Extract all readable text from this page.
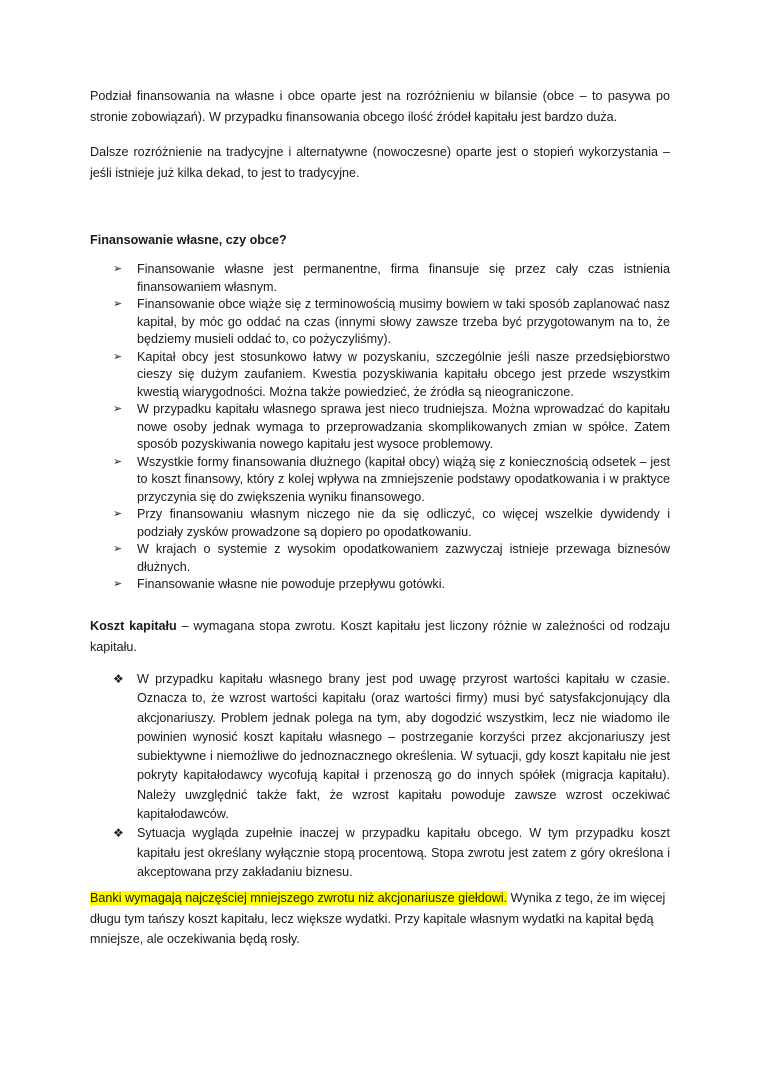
Podział finansowania na własne i obce oparte jest na rozróżnieniu w bilansie (obce – to pasywa po stronie zobowiązań). W przypadku finansowania obcego ilość źródeł kapitału jest bardzo duża.

Dalsze rozróżnienie na tradycyjne i alternatywne (nowoczesne) oparte jest o stopień wykorzystania – jeśli istnieje już kilka dekad, to jest to tradycyjne.

Finansowanie własne, czy obce?

➢ Finansowanie własne jest permanentne, firma finansuje się przez cały czas istnienia finansowaniem własnym.
➢ Finansowanie obce wiąże się z terminowością musimy bowiem w taki sposób zaplanować nasz kapitał, by móc go oddać na czas (innymi słowy zawsze trzeba być przygotowanym na to, że będziemy musieli oddać to, co pożyczyliśmy).
➢ Kapitał obcy jest stosunkowo łatwy w pozyskaniu, szczególnie jeśli nasze przedsiębiorstwo cieszy się dużym zaufaniem. Kwestia pozyskiwania kapitału obcego jest przede wszystkim kwestią wiarygodności. Można także powiedzieć, że źródła są nieograniczone.
➢ W przypadku kapitału własnego sprawa jest nieco trudniejsza. Można wprowadzać do kapitału nowe osoby jednak wymaga to przeprowadzania skomplikowanych zmian w spółce. Zatem sposób pozyskiwania nowego kapitału jest wysoce problemowy.
➢ Wszystkie formy finansowania dłużnego (kapitał obcy) wiążą się z koniecznością odsetek – jest to koszt finansowy, który z kolej wpływa na zmniejszenie podstawy opodatkowania i w praktyce przyczynia się do zwiększenia wyniku finansowego.
➢ Przy finansowaniu własnym niczego nie da się odliczyć, co więcej wszelkie dywidendy i podziały zysków prowadzone są dopiero po opodatkowaniu.
➢ W krajach o systemie z wysokim opodatkowaniem zazwyczaj istnieje przewaga biznesów dłużnych.
➢ Finansowanie własne nie powoduje przepływu gotówki.

Koszt kapitału – wymagana stopa zwrotu. Koszt kapitału jest liczony różnie w zależności od rodzaju kapitału.

❖ W przypadku kapitału własnego brany jest pod uwagę przyrost wartości kapitału w czasie. Oznacza to, że wzrost wartości kapitału (oraz wartości firmy) musi być satysfakcjonujący dla akcjonariuszy. Problem jednak polega na tym, aby dogodzić wszystkim, lecz nie wiadomo ile powinien wynosić koszt kapitału własnego – postrzeganie korzyści przez akcjonariuszy jest subiektywne i niemożliwe do jednoznacznego określenia. W sytuacji, gdy koszt kapitału nie jest pokryty kapitałodawcy wycofują kapitał i przenoszą go do innych spółek (migracja kapitału). Należy uwzględnić także fakt, że wzrost kapitału powoduje zawsze wzrost oczekiwać kapitałodawców.
❖ Sytuacja wygląda zupełnie inaczej w przypadku kapitału obcego. W tym przypadku koszt kapitału jest określany wyłącznie stopą procentową. Stopa zwrotu jest zatem z góry określona i akceptowana przy zakładaniu biznesu.

Banki wymagają najczęściej mniejszego zwrotu niż akcjonariusze giełdowi. Wynika z tego, że im więcej długu tym tańszy koszt kapitału, lecz większe wydatki. Przy kapitale własnym wydatki na kapitał będą mniejsze, ale oczekiwania będą rosły.
